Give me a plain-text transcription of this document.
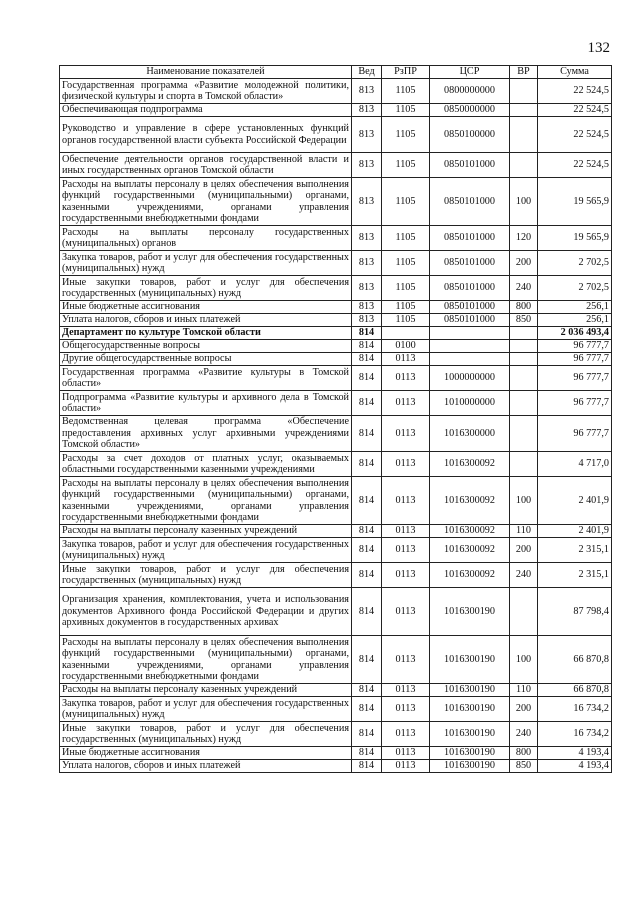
132
Наименование показателей	Вед	РзПР	ЦСР	ВР	Сумма
Государственная программа «Развитие молодежной политики, физической культуры и спорта в Томской области»	813	1105	0800000000		22 524,5
Обеспечивающая подпрограмма	813	1105	0850000000		22 524,5
Руководство и управление в сфере установленных функций органов государственной власти субъекта Российской Федерации	813	1105	0850100000		22 524,5
Обеспечение деятельности органов государственной власти и иных государственных органов Томской области	813	1105	0850101000		22 524,5
Расходы на выплаты персоналу в целях обеспечения выполнения функций государственными (муниципальными) органами, казенными учреждениями, органами управления государственными внебюджетными фондами	813	1105	0850101000	100	19 565,9
Расходы на выплаты персоналу государственных (муниципальных) органов	813	1105	0850101000	120	19 565,9
Закупка товаров, работ и услуг для обеспечения государственных (муниципальных) нужд	813	1105	0850101000	200	2 702,5
Иные закупки товаров, работ и услуг для обеспечения государственных (муниципальных) нужд	813	1105	0850101000	240	2 702,5
Иные бюджетные ассигнования	813	1105	0850101000	800	256,1
Уплата налогов, сборов и иных платежей	813	1105	0850101000	850	256,1
Департамент по культуре Томской области	814				2 036 493,4
Общегосударственные вопросы	814	0100			96 777,7
Другие общегосударственные вопросы	814	0113			96 777,7
Государственная программа «Развитие культуры в Томской области»	814	0113	1000000000		96 777,7
Подпрограмма «Развитие культуры и архивного дела в Томской области»	814	0113	1010000000		96 777,7
Ведомственная целевая программа «Обеспечение предоставления архивных услуг архивными учреждениями Томской области»	814	0113	1016300000		96 777,7
Расходы за счет доходов от платных услуг, оказываемых областными государственными казенными учреждениями	814	0113	1016300092		4 717,0
Расходы на выплаты персоналу в целях обеспечения выполнения функций государственными (муниципальными) органами, казенными учреждениями, органами управления государственными внебюджетными фондами	814	0113	1016300092	100	2 401,9
Расходы на выплаты персоналу казенных учреждений	814	0113	1016300092	110	2 401,9
Закупка товаров, работ и услуг для обеспечения государственных (муниципальных) нужд	814	0113	1016300092	200	2 315,1
Иные закупки товаров, работ и услуг для обеспечения государственных (муниципальных) нужд	814	0113	1016300092	240	2 315,1
Организация хранения, комплектования, учета и использования документов Архивного фонда Российской Федерации и других архивных документов в государственных архивах	814	0113	1016300190		87 798,4
Расходы на выплаты персоналу в целях обеспечения выполнения функций государственными (муниципальными) органами, казенными учреждениями, органами управления государственными внебюджетными фондами	814	0113	1016300190	100	66 870,8
Расходы на выплаты персоналу казенных учреждений	814	0113	1016300190	110	66 870,8
Закупка товаров, работ и услуг для обеспечения государственных (муниципальных) нужд	814	0113	1016300190	200	16 734,2
Иные закупки товаров, работ и услуг для обеспечения государственных (муниципальных) нужд	814	0113	1016300190	240	16 734,2
Иные бюджетные ассигнования	814	0113	1016300190	800	4 193,4
Уплата налогов, сборов и иных платежей	814	0113	1016300190	850	4 193,4
